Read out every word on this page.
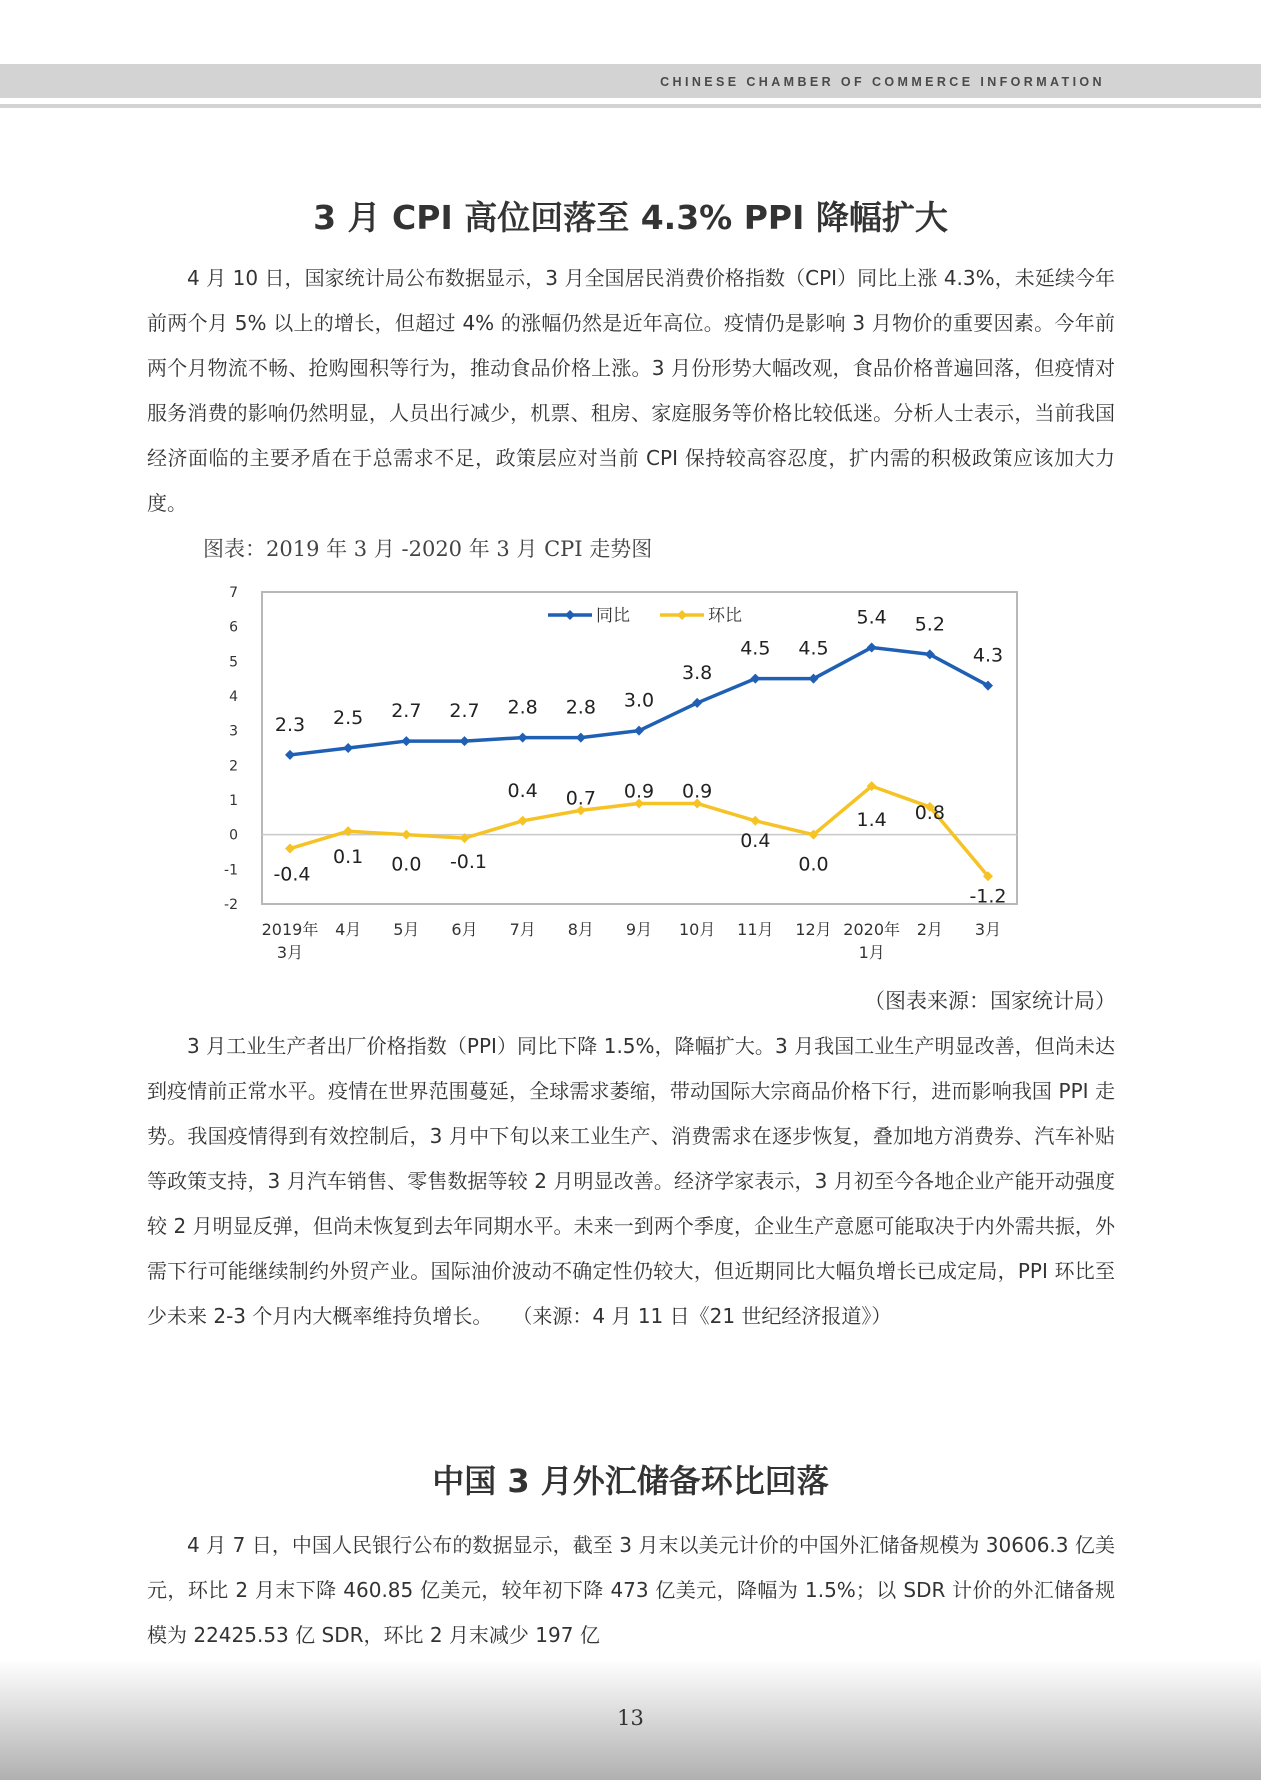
CHINESE CHAMBER OF COMMERCE INFORMATION
3 月 CPI 高位回落至 4.3% PPI 降幅扩大

4 月 10 日，国家统计局公布数据显示，3 月全国居民消费价格指数（CPI）同比上涨 4.3%，未延续今年前两个月 5% 以上的增长，但超过 4% 的涨幅仍然是近年高位。疫情仍是影响 3 月物价的重要因素。今年前两个月物流不畅、抢购囤积等行为，推动食品价格上涨。3 月份形势大幅改观，食品价格普遍回落，但疫情对服务消费的影响仍然明显，人员出行减少，机票、租房、家庭服务等价格比较低迷。分析人士表示，当前我国经济面临的主要矛盾在于总需求不足，政策层应对当前 CPI 保持较高容忍度，扩内需的积极政策应该加大力度。

图表：2019 年 3 月 -2020 年 3 月 CPI 走势图
-2
-1
0
1
2
3
4
5
6
7
2019年
3月
4月 5月 6月 7月 8月 9月 10月 11月 12月 2020年
1月
2月 3月
2.3 2.5 2.7 2.7 2.8 2.8 3.0
3.8
4.5 4.5
5.4 5.2
4.3
-0.4
0.1 0.0 -0.1
0.4 0.7 0.9 0.9
0.4
0.0
1.4 0.8
-1.2
同比	环比
（图表来源：国家统计局）

3 月工业生产者出厂价格指数（PPI）同比下降 1.5%，降幅扩大。3 月我国工业生产明显改善，但尚未达到疫情前正常水平。疫情在世界范围蔓延，全球需求萎缩，带动国际大宗商品价格下行，进而影响我国 PPI 走势。我国疫情得到有效控制后，3 月中下旬以来工业生产、消费需求在逐步恢复，叠加地方消费券、汽车补贴等政策支持，3 月汽车销售、零售数据等较 2 月明显改善。经济学家表示，3 月初至今各地企业产能开动强度较 2 月明显反弹，但尚未恢复到去年同期水平。未来一到两个季度，企业生产意愿可能取决于内外需共振，外需下行可能继续制约外贸产业。国际油价波动不确定性仍较大，但近期同比大幅负增长已成定局，PPI 环比至少未来 2-3 个月内大概率维持负增长。　　（来源：4 月 11 日《21 世纪经济报道》）

中国 3 月外汇储备环比回落

4 月 7 日，中国人民银行公布的数据显示，截至 3 月末以美元计价的中国外汇储备规模为 30606.3 亿美元，环比 2 月末下降 460.85 亿美元，较年初下降 473 亿美元，降幅为 1.5%；以 SDR 计价的外汇储备规模为 22425.53 亿 SDR，环比 2 月末减少 197 亿

13
